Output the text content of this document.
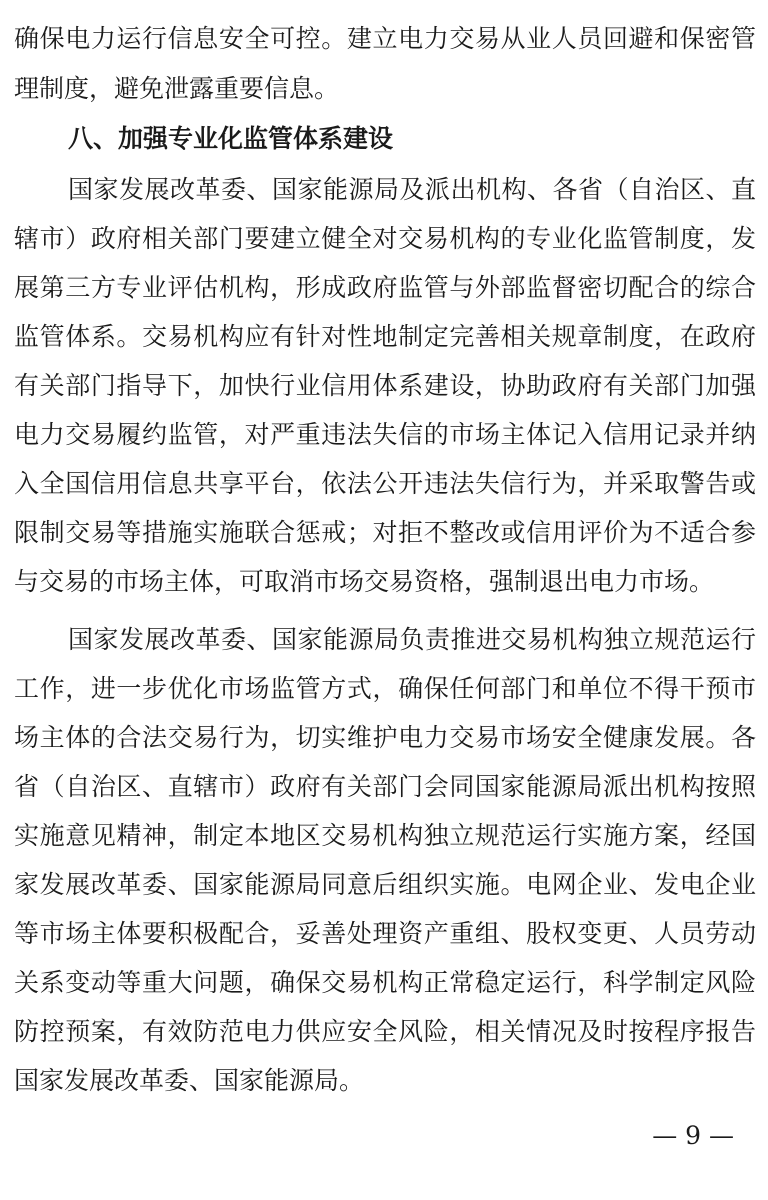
确保电力运行信息安全可控。建立电力交易从业人员回避和保密管
理制度，避免泄露重要信息。
八、加强专业化监管体系建设
国家发展改革委、国家能源局及派出机构、各省（自治区、直
辖市）政府相关部门要建立健全对交易机构的专业化监管制度，发
展第三方专业评估机构，形成政府监管与外部监督密切配合的综合
监管体系。交易机构应有针对性地制定完善相关规章制度，在政府
有关部门指导下，加快行业信用体系建设，协助政府有关部门加强
电力交易履约监管，对严重违法失信的市场主体记入信用记录并纳
入全国信用信息共享平台，依法公开违法失信行为，并采取警告或
限制交易等措施实施联合惩戒；对拒不整改或信用评价为不适合参
与交易的市场主体，可取消市场交易资格，强制退出电力市场。
国家发展改革委、国家能源局负责推进交易机构独立规范运行
工作，进一步优化市场监管方式，确保任何部门和单位不得干预市
场主体的合法交易行为，切实维护电力交易市场安全健康发展。各
省（自治区、直辖市）政府有关部门会同国家能源局派出机构按照
实施意见精神，制定本地区交易机构独立规范运行实施方案，经国
家发展改革委、国家能源局同意后组织实施。电网企业、发电企业
等市场主体要积极配合，妥善处理资产重组、股权变更、人员劳动
关系变动等重大问题，确保交易机构正常稳定运行，科学制定风险
防控预案，有效防范电力供应安全风险，相关情况及时按程序报告
国家发展改革委、国家能源局。
— 9 —
